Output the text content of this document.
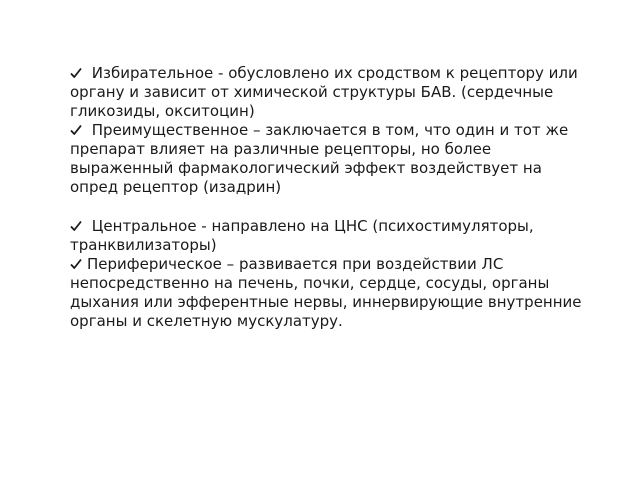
Избирательное - обусловлено их сродством к рецептору или органу и зависит от химической структуры БАВ. (сердечные гликозиды, окситоцин)

Преимущественное – заключается в том, что один и тот же препарат влияет на различные рецепторы, но более выраженный фармакологический эффект воздействует на опред рецептор (изадрин)

Центральное - направлено на ЦНС (психостимуляторы, транквилизаторы)

Периферическое – развивается при воздействии ЛС непосредственно на печень, почки, сердце, сосуды, органы дыхания или эфферентные нервы, иннервирующие внутренние органы и скелетную мускулатуру.
